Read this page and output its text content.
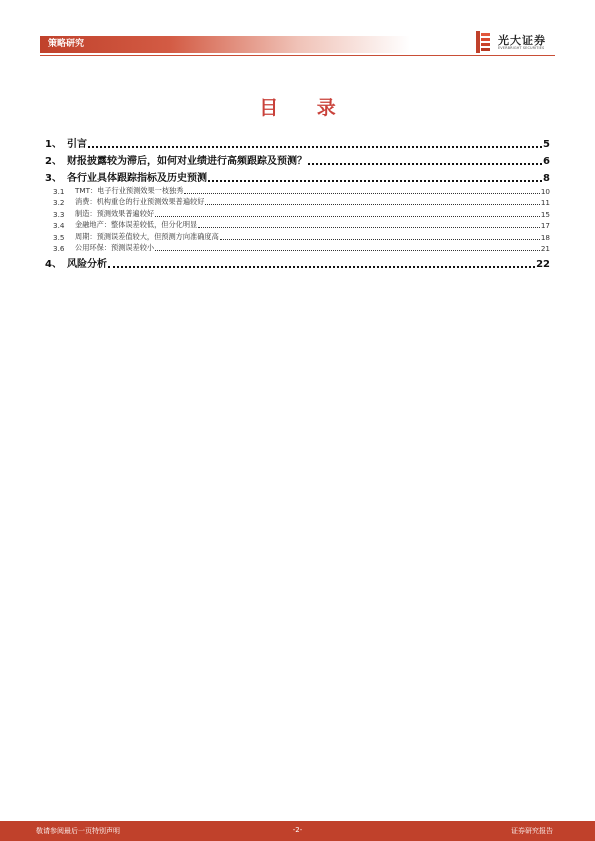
策略研究	光大证券
EVERBRIGHT SECURITIES
目 录
1、 引言	5
2、 财报披露较为滞后，如何对业绩进行高频跟踪及预测？	6
3、 各行业具体跟踪指标及历史预测	8
3.1	TMT：电子行业预测效果一枝独秀	10
3.2	消费：机构重仓的行业预测效果普遍较好	11
3.3	制造：预测效果普遍较好	15
3.4	金融地产：整体误差较低，但分化明显	17
3.5	周期：预测误差值较大，但预测方向准确度高	18
3.6	公用环保：预测误差较小	21
4、 风险分析	22
敬请参阅最后一页特别声明	-2-	证券研究报告
